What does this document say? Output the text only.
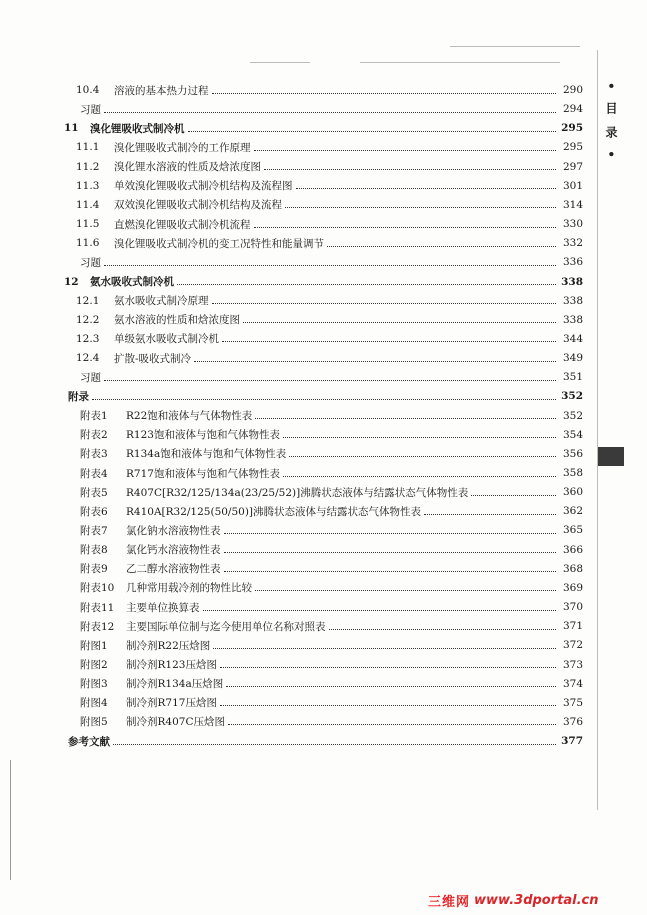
• 目 录 •
10.4	溶液的基本热力过程	290
习题	294
11	溴化锂吸收式制冷机	295
11.1	溴化锂吸收式制冷的工作原理	295
11.2	溴化锂水溶液的性质及焓浓度图	297
11.3	单效溴化锂吸收式制冷机结构及流程图	301
11.4	双效溴化锂吸收式制冷机结构及流程	314
11.5	直燃溴化锂吸收式制冷机流程	330
11.6	溴化锂吸收式制冷机的变工况特性和能量调节	332
习题	336
12	氨水吸收式制冷机	338
12.1	氨水吸收式制冷原理	338
12.2	氨水溶液的性质和焓浓度图	338
12.3	单级氨水吸收式制冷机	344
12.4	扩散-吸收式制冷	349
习题	351
附录	352
附表1	R22饱和液体与气体物性表	352
附表2	R123饱和液体与饱和气体物性表	354
附表3	R134a饱和液体与饱和气体物性表	356
附表4	R717饱和液体与饱和气体物性表	358
附表5	R407C[R32/125/134a(23/25/52)]沸腾状态液体与结露状态气体物性表	360
附表6	R410A[R32/125(50/50)]沸腾状态液体与结露状态气体物性表	362
附表7	氯化钠水溶液物性表	365
附表8	氯化钙水溶液物性表	366
附表9	乙二醇水溶液物性表	368
附表10	几种常用载冷剂的物性比较	369
附表11	主要单位换算表	370
附表12	主要国际单位制与迄今使用单位名称对照表	371
附图1	制冷剂R22压焓图	372
附图2	制冷剂R123压焓图	373
附图3	制冷剂R134a压焓图	374
附图4	制冷剂R717压焓图	375
附图5	制冷剂R407C压焓图	376
参考文献	377
三维网 www.3dportal.cn
